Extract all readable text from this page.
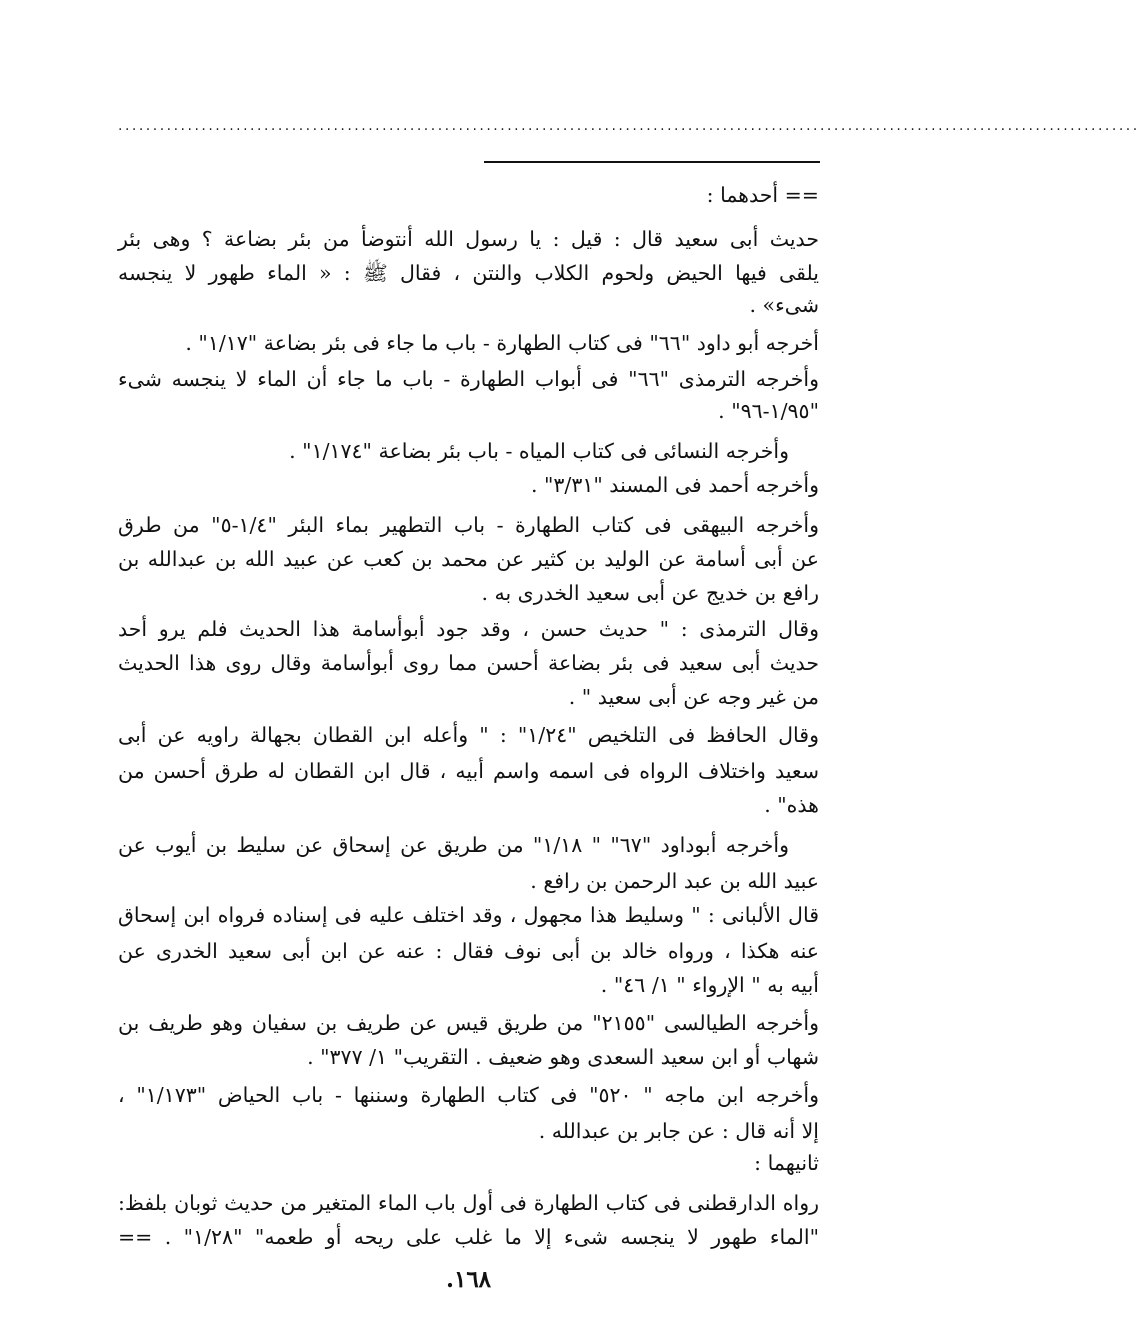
...................................................................................................................................................
== أحدهما :
حديث أبى سعيد قال : قيل : يا رسول الله أنتوضأ من بئر بضاعة ؟ وهى بئر
يلقى فيها الحيض ولحوم الكلاب والنتن ، فقال ﷺ : « الماء طهور لا ينجسه
شىء» .
أخرجه أبو داود "٦٦" فى كتاب الطهارة - باب ما جاء فى بئر بضاعة "١/١٧" .
وأخرجه الترمذى "٦٦" فى أبواب الطهارة - باب ما جاء أن الماء لا ينجسه شىء
"١/٩٥-٩٦" .
وأخرجه النسائى فى كتاب المياه - باب بئر بضاعة "١/١٧٤" .
وأخرجه أحمد فى المسند "٣/٣١" .
وأخرجه البيهقى فى كتاب الطهارة - باب التطهير بماء البئر "١/٤-٥" من طرق
عن أبى أسامة عن الوليد بن كثير عن محمد بن كعب عن عبيد الله بن عبدالله بن
رافع بن خديج عن أبى سعيد الخدرى به .
وقال الترمذى : " حديث حسن ، وقد جود أبوأسامة هذا الحديث فلم يرو أحد
حديث أبى سعيد فى بئر بضاعة أحسن مما روى أبوأسامة وقال روى هذا الحديث
من غير وجه عن أبى سعيد " .
وقال الحافظ فى التلخيص "١/٢٤" : " وأعله ابن القطان بجهالة راويه عن أبى
سعيد واختلاف الرواه فى اسمه واسم أبيه ، قال ابن القطان له طرق أحسن من
هذه" .
وأخرجه أبوداود "٦٧" " ١/١٨" من طريق عن إسحاق عن سليط بن أيوب عن
عبيد الله بن عبد الرحمن بن رافع .
قال الألبانى : " وسليط هذا مجهول ، وقد اختلف عليه فى إسناده فرواه ابن إسحاق
عنه هكذا ، ورواه خالد بن أبى نوف فقال : عنه عن ابن أبى سعيد الخدرى عن
أبيه به " الإرواء " ١/ ٤٦" .
وأخرجه الطيالسى "٢١٥٥" من طريق قيس عن طريف بن سفيان وهو طريف بن
شهاب أو ابن سعيد السعدى وهو ضعيف . التقريب" ١/ ٣٧٧" .
وأخرجه ابن ماجه " ٥٢٠" فى كتاب الطهارة وسننها - باب الحياض "١/١٧٣" ،
إلا أنه قال : عن جابر بن عبدالله .
ثانيهما :
رواه الدارقطنى فى كتاب الطهارة فى أول باب الماء المتغير من حديث ثوبان بلفظ:
"الماء طهور لا ينجسه شىء إلا ما غلب على ريحه أو طعمه" "١/٢٨" . ==
١٦٨.
